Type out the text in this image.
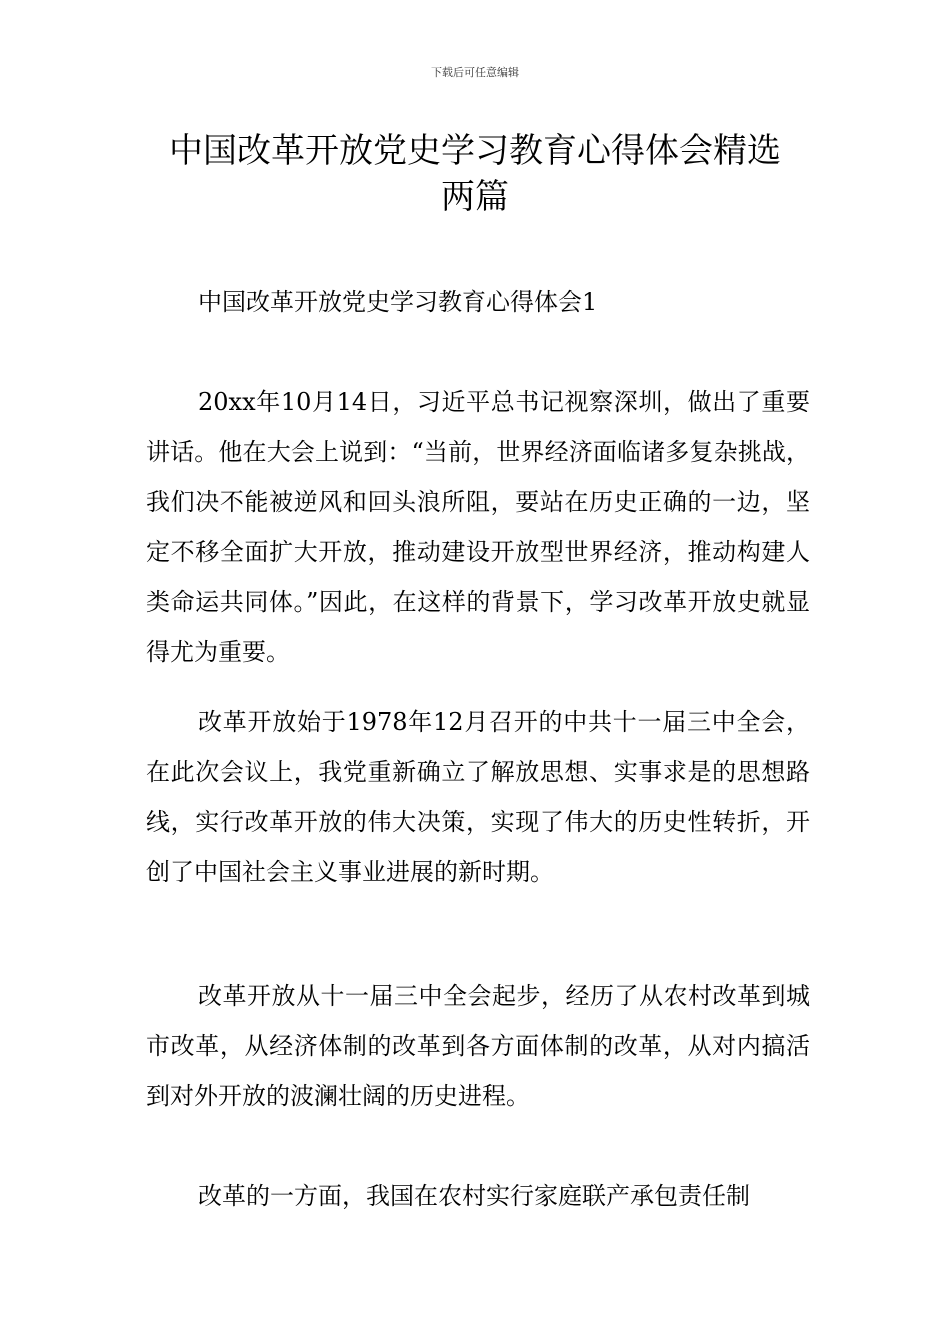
下载后可任意编辑
中国改革开放党史学习教育心得体会精选
两篇

中国改革开放党史学习教育心得体会1

20xx年10月14日，习近平总书记视察深圳，做出了重要讲话。他在大会上说到：“当前，世界经济面临诸多复杂挑战，我们决不能被逆风和回头浪所阻，要站在历史正确的一边，坚定不移全面扩大开放，推动建设开放型世界经济，推动构建人类命运共同体。”因此，在这样的背景下，学习改革开放史就显得尤为重要。

改革开放始于1978年12月召开的中共十一届三中全会，在此次会议上，我党重新确立了解放思想、实事求是的思想路线，实行改革开放的伟大决策，实现了伟大的历史性转折，开创了中国社会主义事业进展的新时期。

改革开放从十一届三中全会起步，经历了从农村改革到城市改革，从经济体制的改革到各方面体制的改革，从对内搞活到对外开放的波澜壮阔的历史进程。

改革的一方面，我国在农村实行家庭联产承包责任制
